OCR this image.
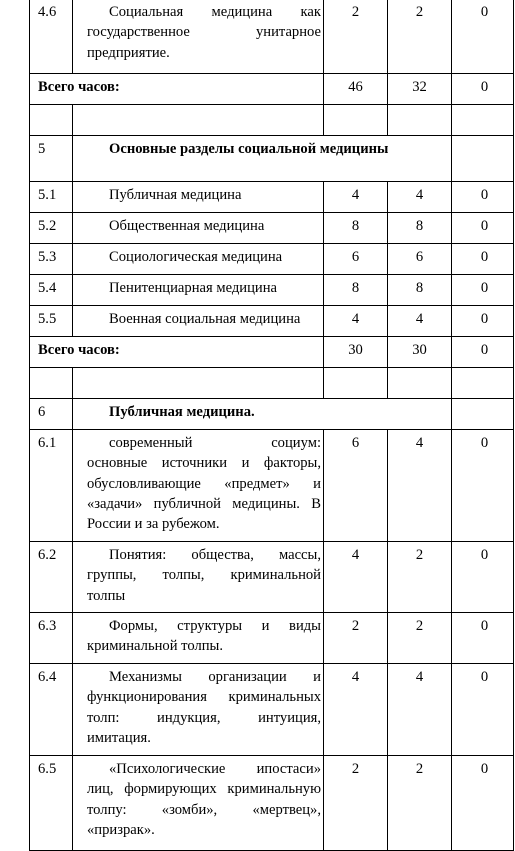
4.6	Социальная медицина как
государственное унитарное
предприятие.	2	2	0
Всего часов:		46	32	0

5	Основные разделы социальной медицины			
5.1	Публичная медицина	4	4	0
5.2	Общественная медицина	8	8	0
5.3	Социологическая медицина	6	6	0
5.4	Пенитенциарная медицина	8	8	0
5.5	Военная социальная медицина	4	4	0
Всего часов:		30	30	0

6	Публичная медицина.			
6.1	современный социум:
основные источники и факторы,
обусловливающие «предмет» и
«задачи» публичной медицины. В
России и за рубежом.	6	4	0
6.2	Понятия: общества, массы,
группы, толпы, криминальной
толпы	4	2	0
6.3	Формы, структуры и виды
криминальной толпы.	2	2	0
6.4	Механизмы организации и
функционирования криминальных
толп: индукция, интуиция,
имитация.	4	4	0
6.5	«Психологические ипостаси»
лиц, формирующих криминальную
толпу: «зомби», «мертвец»,
«призрак».	2	2	0
